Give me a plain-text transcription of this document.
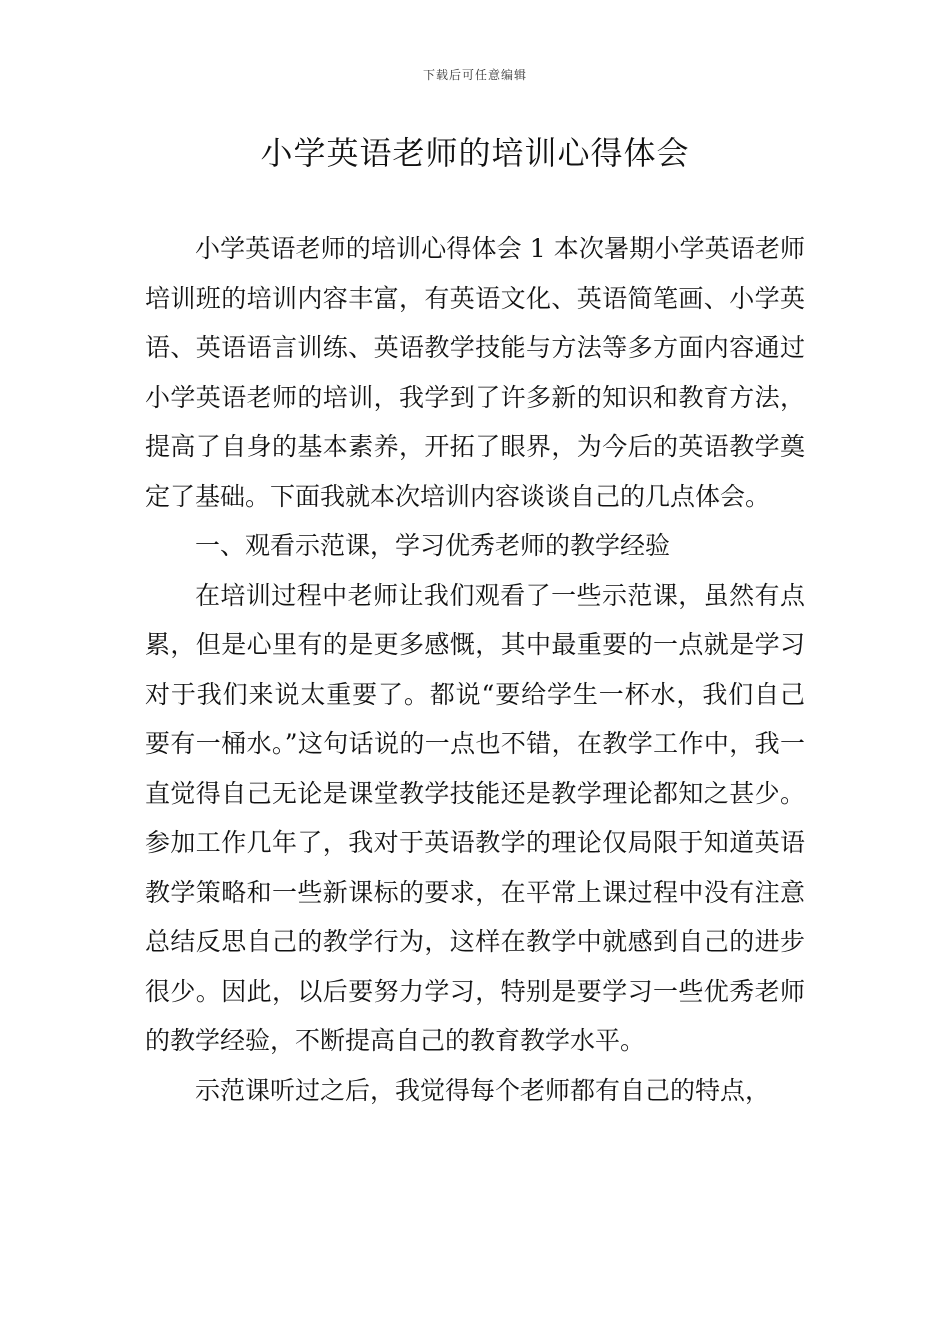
下载后可任意编辑
小学英语老师的培训心得体会

小学英语老师的培训心得体会 1 本次暑期小学英语老师培训班的培训内容丰富，有英语文化、英语简笔画、小学英语、英语语言训练、英语教学技能与方法等多方面内容通过小学英语老师的培训，我学到了许多新的知识和教育方法，提高了自身的基本素养，开拓了眼界，为今后的英语教学奠定了基础。下面我就本次培训内容谈谈自己的几点体会。

一、观看示范课，学习优秀老师的教学经验

在培训过程中老师让我们观看了一些示范课，虽然有点累，但是心里有的是更多感慨，其中最重要的一点就是学习对于我们来说太重要了。都说“要给学生一杯水，我们自己要有一桶水。”这句话说的一点也不错，在教学工作中，我一直觉得自己无论是课堂教学技能还是教学理论都知之甚少。参加工作几年了，我对于英语教学的理论仅局限于知道英语教学策略和一些新课标的要求，在平常上课过程中没有注意总结反思自己的教学行为，这样在教学中就感到自己的进步很少。因此，以后要努力学习，特别是要学习一些优秀老师的教学经验，不断提高自己的教育教学水平。

示范课听过之后，我觉得每个老师都有自己的特点，
